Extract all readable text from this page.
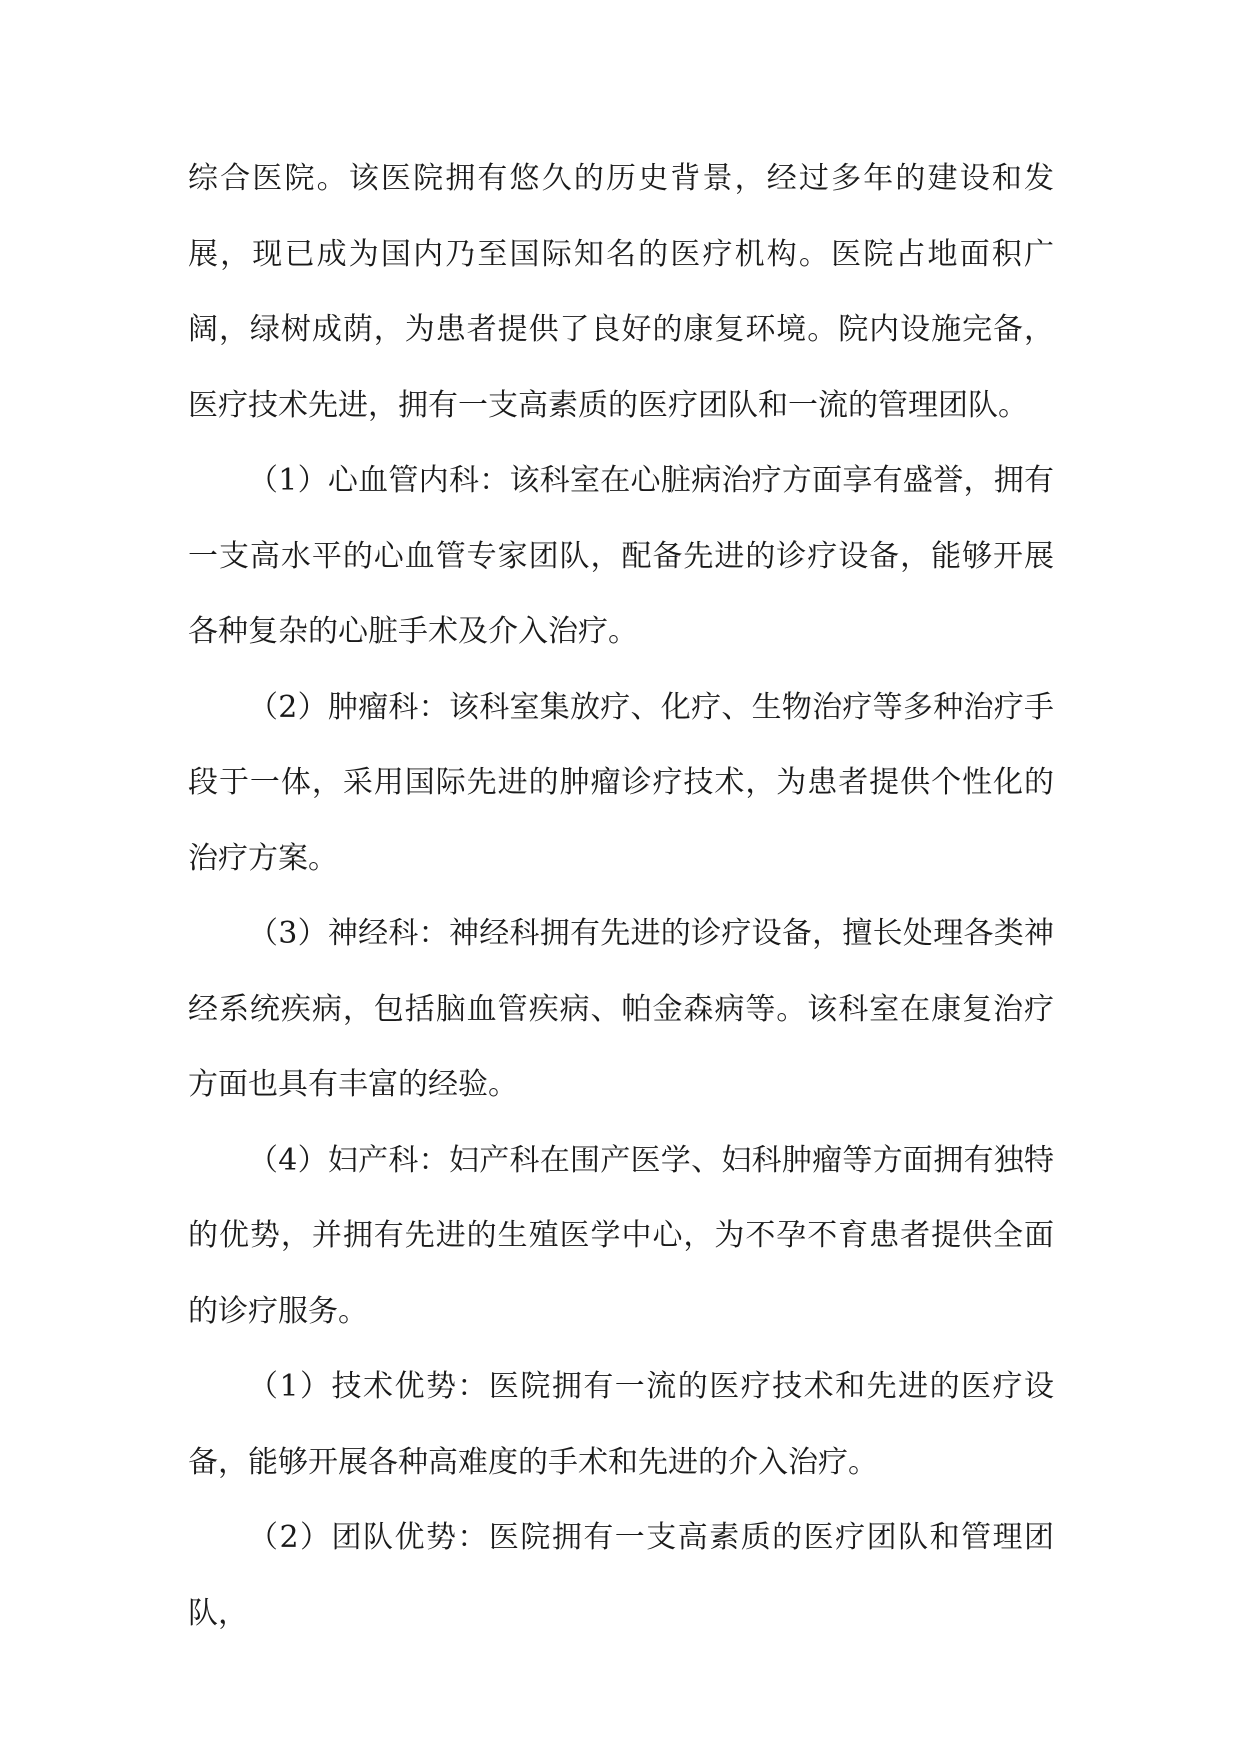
综合医院。该医院拥有悠久的历史背景，经过多年的建设和发展，现已成为国内乃至国际知名的医疗机构。医院占地面积广阔，绿树成荫，为患者提供了良好的康复环境。院内设施完备，医疗技术先进，拥有一支高素质的医疗团队和一流的管理团队。

（1）心血管内科：该科室在心脏病治疗方面享有盛誉，拥有一支高水平的心血管专家团队，配备先进的诊疗设备，能够开展各种复杂的心脏手术及介入治疗。

（2）肿瘤科：该科室集放疗、化疗、生物治疗等多种治疗手段于一体，采用国际先进的肿瘤诊疗技术，为患者提供个性化的治疗方案。

（3）神经科：神经科拥有先进的诊疗设备，擅长处理各类神经系统疾病，包括脑血管疾病、帕金森病等。该科室在康复治疗方面也具有丰富的经验。

（4）妇产科：妇产科在围产医学、妇科肿瘤等方面拥有独特的优势，并拥有先进的生殖医学中心，为不孕不育患者提供全面的诊疗服务。

（1）技术优势：医院拥有一流的医疗技术和先进的医疗设备，能够开展各种高难度的手术和先进的介入治疗。

（2）团队优势：医院拥有一支高素质的医疗团队和管理团队，
